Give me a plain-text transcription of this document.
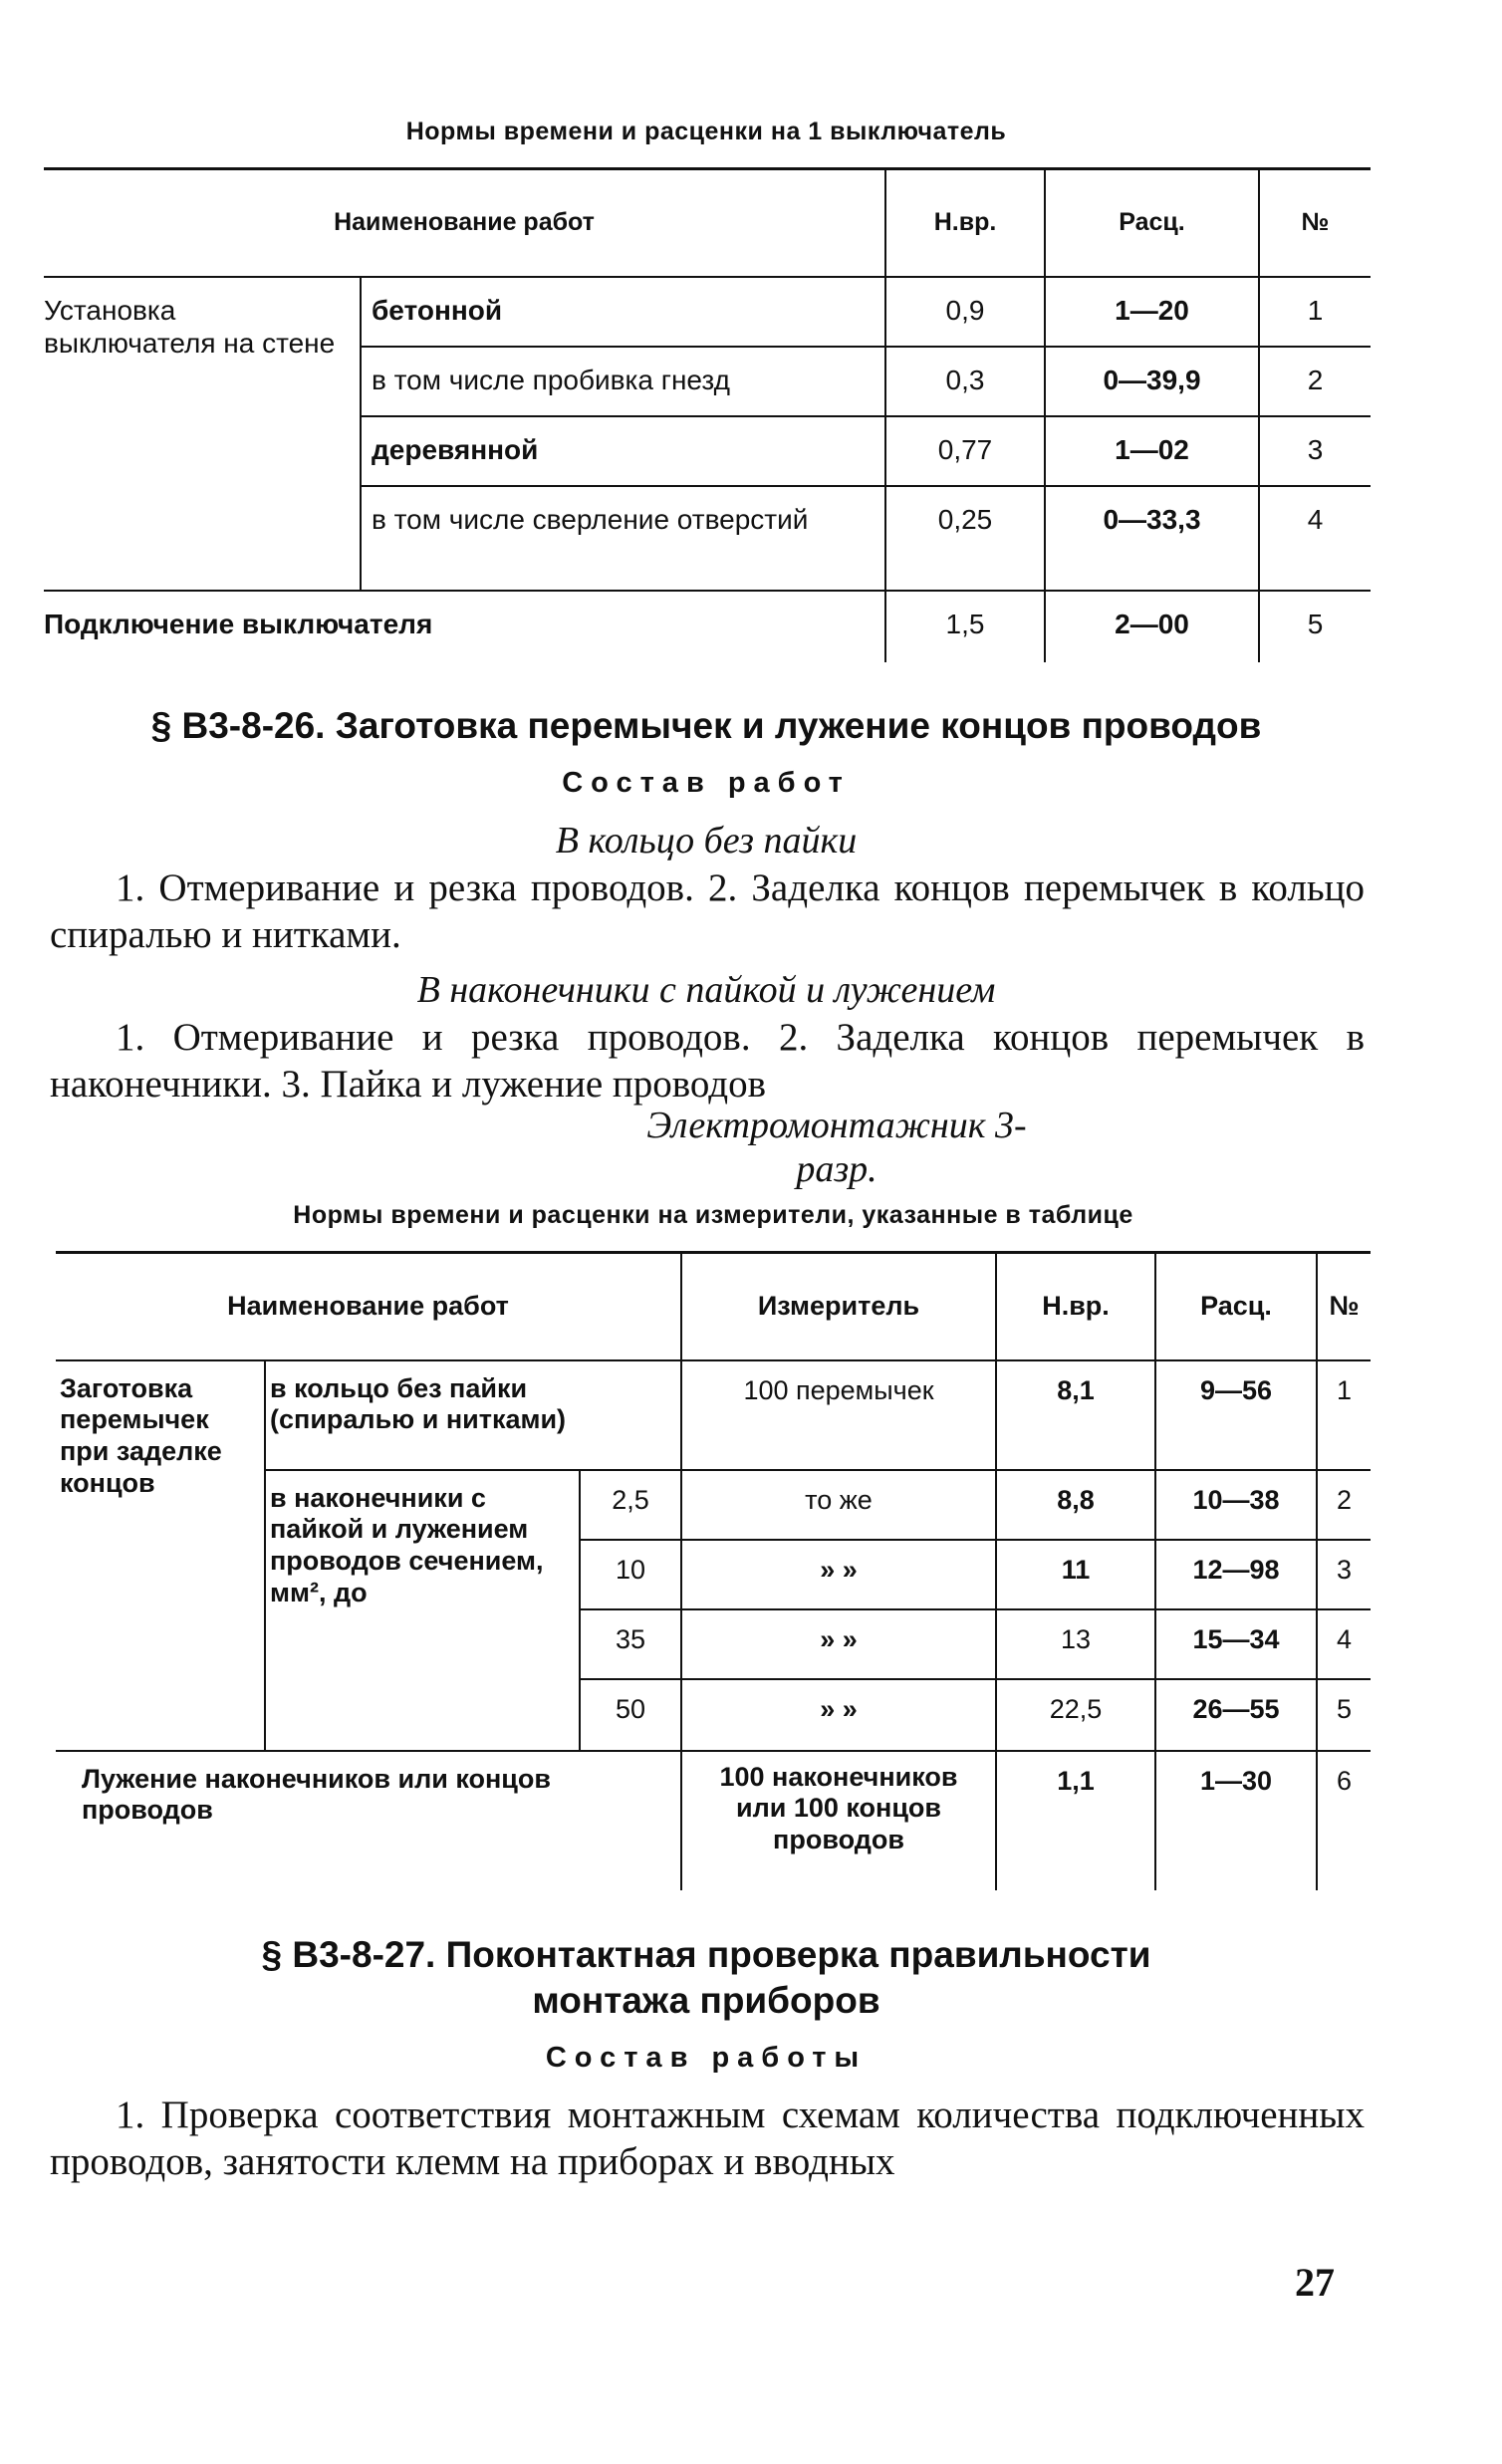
Нормы времени и расценки на 1 выключатель
Наименование работ		Н.вр.	Расц.	№
Установка выключателя на стене	бетонной	0,9	1—20	1
	в том числе пробивка гнезд	0,3	0—39,9	2
	деревянной	0,77	1—02	3
	в том числе сверление отверстий	0,25	0—33,3	4
Подключение выключателя		1,5	2—00	5
§ В3-8-26. Заготовка перемычек и лужение концов проводов
Состав работ
В кольцо без пайки
1. Отмеривание и резка проводов. 2. Заделка концов перемычек в кольцо спиралью и нитками.
В наконечники с пайкой и лужением
1. Отмеривание и резка проводов. 2. Заделка концов перемычек в наконечники. 3. Пайка и лужение проводов
Электромонтажник 3-разр.
Нормы времени и расценки на измерители, указанные в таблице
Наименование работ			Измеритель	Н.вр.	Расц.	№
Заготовка перемычек при заделке концов	в кольцо без пайки (спиралью и нитками)		100 перемычек	8,1	9—56	1
	в наконечники с пайкой и лужением проводов сечением, мм², до	2,5	то же	8,8	10—38	2
		10	» »	11	12—98	3
		35	» »	13	15—34	4
		50	» »	22,5	26—55	5
Лужение наконечников или концов проводов			100 наконечников или 100 концов проводов	1,1	1—30	6
§ В3-8-27. Поконтактная проверка правильности
монтажа приборов
Состав работы
1. Проверка соответствия монтажным схемам количества подключенных проводов, занятости клемм на приборах и вводных
27
